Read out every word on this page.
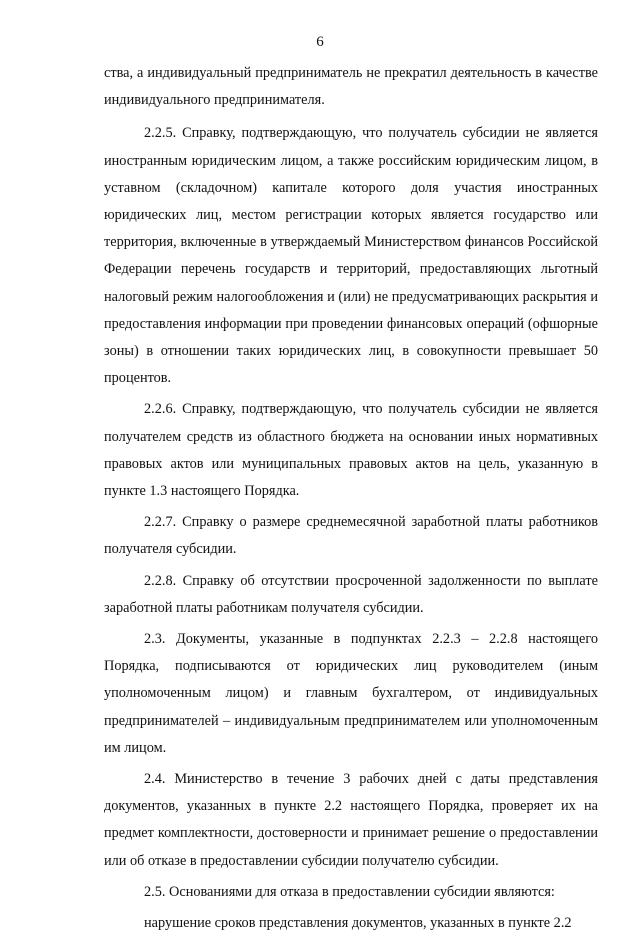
6

ства, а индивидуальный предприниматель не прекратил деятельность в качестве индивидуального предпринимателя.

2.2.5. Справку, подтверждающую, что получатель субсидии не является иностранным юридическим лицом, а также российским юридическим лицом, в уставном (складочном) капитале которого доля участия иностранных юридических лиц, местом регистрации которых является государство или территория, включенные в утверждаемый Министерством финансов Российской Федерации перечень государств и территорий, предоставляющих льготный налоговый режим налогообложения и (или) не предусматривающих раскрытия и предоставления информации при проведении финансовых операций (офшорные зоны) в отношении таких юридических лиц, в совокупности превышает 50 процентов.

2.2.6. Справку, подтверждающую, что получатель субсидии не является получателем средств из областного бюджета на основании иных нормативных правовых актов или муниципальных правовых актов на цель, указанную в пункте 1.3 настоящего Порядка.

2.2.7. Справку о размере среднемесячной заработной платы работников получателя субсидии.

2.2.8. Справку об отсутствии просроченной задолженности по выплате заработной платы работникам получателя субсидии.

2.3. Документы, указанные в подпунктах 2.2.3 – 2.2.8 настоящего Порядка, подписываются от юридических лиц руководителем (иным уполномоченным лицом) и главным бухгалтером, от индивидуальных предпринимателей – индивидуальным предпринимателем или уполномоченным им лицом.

2.4. Министерство в течение 3 рабочих дней с даты представления документов, указанных в пункте 2.2 настоящего Порядка, проверяет их на предмет комплектности, достоверности и принимает решение о предоставлении или об отказе в предоставлении субсидии получателю субсидии.

2.5. Основаниями для отказа в предоставлении субсидии являются:

нарушение сроков представления документов, указанных в пункте 2.2
